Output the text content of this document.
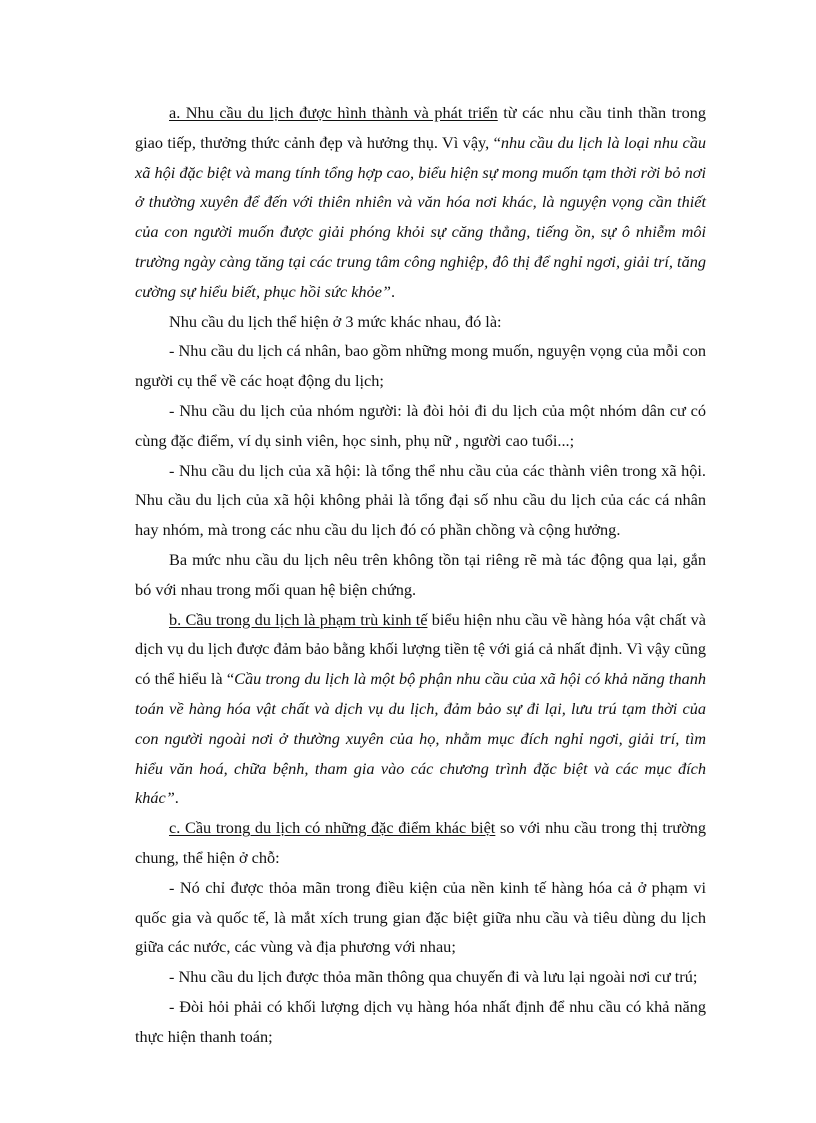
a. Nhu cầu du lịch được hình thành và phát triển từ các nhu cầu tinh thần trong giao tiếp, thưởng thức cảnh đẹp và hưởng thụ. Vì vậy, “nhu cầu du lịch là loại nhu cầu xã hội đặc biệt và mang tính tổng hợp cao, biểu hiện sự mong muốn tạm thời rời bỏ nơi ở thường xuyên để đến với thiên nhiên và văn hóa nơi khác, là nguyện vọng cần thiết của con người muốn được giải phóng khỏi sự căng thẳng, tiếng ồn, sự ô nhiễm môi trường ngày càng tăng tại các trung tâm công nghiệp, đô thị để nghỉ ngơi, giải trí, tăng cường sự hiểu biết, phục hồi sức khỏe”.

Nhu cầu du lịch thể hiện ở 3 mức khác nhau, đó là:

- Nhu cầu du lịch cá nhân, bao gồm những mong muốn, nguyện vọng của mỗi con người cụ thể về các hoạt động du lịch;

- Nhu cầu du lịch của nhóm người: là đòi hỏi đi du lịch của một nhóm dân cư có cùng đặc điểm, ví dụ sinh viên, học sinh, phụ nữ , người cao tuổi...;

- Nhu cầu du lịch của xã hội: là tổng thể nhu cầu của các thành viên trong xã hội. Nhu cầu du lịch của xã hội không phải là tổng đại số nhu cầu du lịch của các cá nhân hay nhóm, mà trong các nhu cầu du lịch đó có phần chồng và cộng hưởng.

Ba mức nhu cầu du lịch nêu trên không tồn tại riêng rẽ mà tác động qua lại, gắn bó với nhau trong mối quan hệ biện chứng.

b. Cầu trong du lịch là phạm trù kinh tế biểu hiện nhu cầu về hàng hóa vật chất và dịch vụ du lịch được đảm bảo bằng khối lượng tiền tệ với giá cả nhất định. Vì vậy cũng có thể hiểu là “Cầu trong du lịch là một bộ phận nhu cầu của xã hội có khả năng thanh toán về hàng hóa vật chất và dịch vụ du lịch, đảm bảo sự đi lại, lưu trú tạm thời của con người ngoài nơi ở thường xuyên của họ, nhằm mục đích nghỉ ngơi, giải trí, tìm hiểu văn hoá, chữa bệnh, tham gia vào các chương trình đặc biệt và các mục đích khác”.

c. Cầu trong du lịch có những đặc điểm khác biệt so với nhu cầu trong thị trường chung, thể hiện ở chỗ:

- Nó chỉ được thỏa mãn trong điều kiện của nền kinh tế hàng hóa cả ở phạm vi quốc gia và quốc tế, là mắt xích trung gian đặc biệt giữa nhu cầu và tiêu dùng du lịch giữa các nước, các vùng và địa phương với nhau;

- Nhu cầu du lịch được thỏa mãn thông qua chuyến đi và lưu lại ngoài nơi cư trú;

- Đòi hỏi phải có khối lượng dịch vụ hàng hóa nhất định để nhu cầu có khả năng thực hiện thanh toán;
